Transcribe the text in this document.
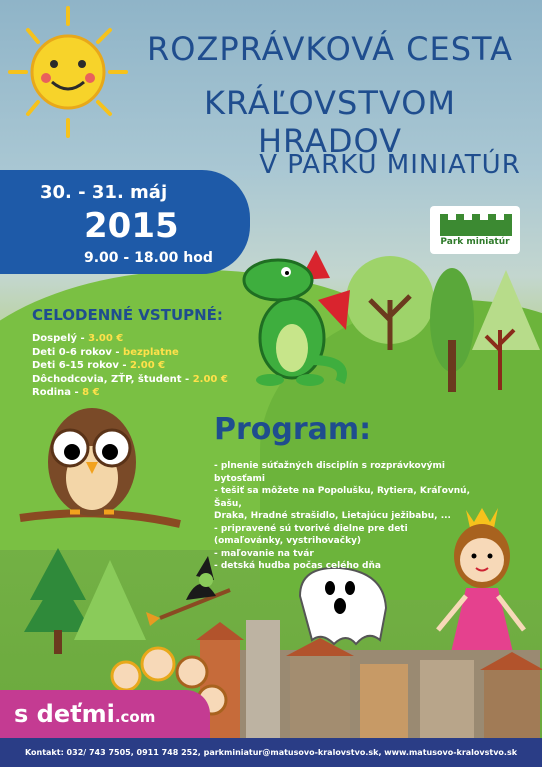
ROZPRÁVKOVÁ CESTA
KRÁĽOVSTVOM HRADOV
V PARKU MINIATÚR
30. - 31. máj
2015
9.00 - 18.00 hod
Park miniatúr
CELODENNÉ VSTUPNÉ:
Dospelý - 3.00 €
Deti 0-6 rokov - bezplatne
Deti 6-15 rokov - 2.00 €
Dôchodcovia, ZŤP, študent - 2.00 €
Rodina - 8 €
Program:
- plnenie súťažných disciplín s rozprávkovými bytosťami
- tešiť sa môžete na Popolušku, Rytiera, Kráľovnú, Šašu,
Draka, Hradné strašidlo, Lietajúcu ježibabu, ...
- pripravené sú tvorivé dielne pre deti
(omaľovánky, vystrihovačky)
- maľovanie na tvár
- detská hudba počas celého dňa
s deťmi.com
Kontakt: 032/ 743 7505, 0911 748 252, parkminiatur@matusovo-kralovstvo.sk, www.matusovo-kralovstvo.sk
